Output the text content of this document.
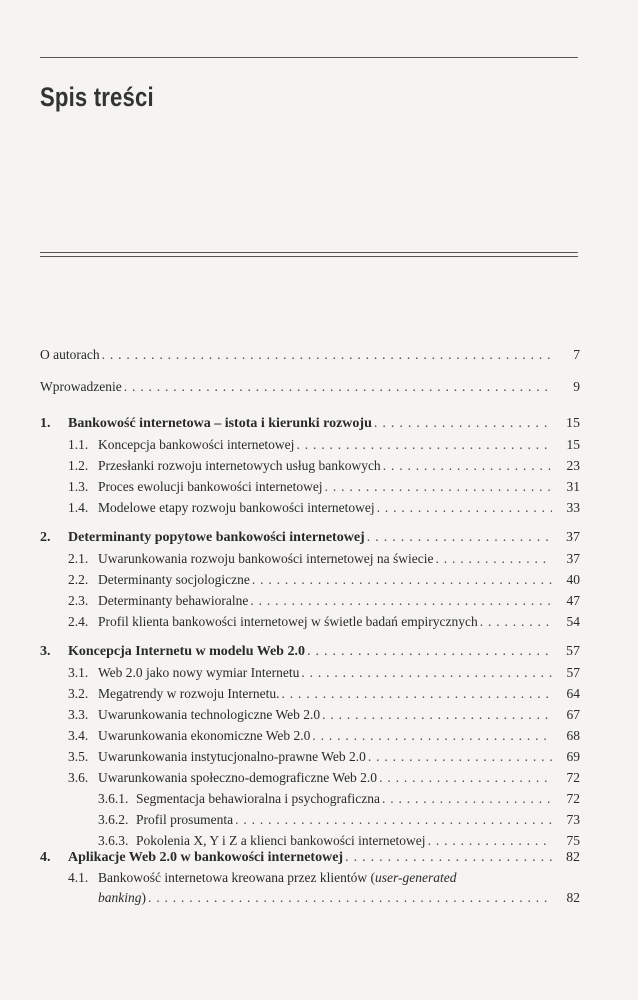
Spis treści
O autorach . . .	7
Wprowadzenie . . .	9
1.	Bankowość internetowa – istota i kierunki rozwoju . . .	15
1.1. Koncepcja bankowości internetowej . . .	15
1.2. Przesłanki rozwoju internetowych usług bankowych . . .	23
1.3. Proces ewolucji bankowości internetowej . . .	31
1.4. Modelowe etapy rozwoju bankowości internetowej . . .	33
2.	Determinanty popytowe bankowości internetowej . . .	37
2.1. Uwarunkowania rozwoju bankowości internetowej na świecie . . .	37
2.2. Determinanty socjologiczne . . .	40
2.3. Determinanty behawioralne . . .	47
2.4. Profil klienta bankowości internetowej w świetle badań empirycznych . . .	54
3.	Koncepcja Internetu w modelu Web 2.0 . . .	57
3.1. Web 2.0 jako nowy wymiar Internetu . . .	57
3.2. Megatrendy w rozwoju Internetu. . . .	64
3.3. Uwarunkowania technologiczne Web 2.0 . . .	67
3.4. Uwarunkowania ekonomiczne Web 2.0 . . .	68
3.5. Uwarunkowania instytucjonalno-prawne Web 2.0 . . .	69
3.6. Uwarunkowania społeczno-demograficzne Web 2.0 . . .	72
3.6.1. Segmentacja behawioralna i psychograficzna . . .	72
3.6.2. Profil prosumenta . . .	73
3.6.3. Pokolenia X, Y i Z a klienci bankowości internetowej . . .	75
4.	Aplikacje Web 2.0 w bankowości internetowej . . .	82
4.1. Bankowość internetowa kreowana przez klientów (user-generated
banking) . . .	82
